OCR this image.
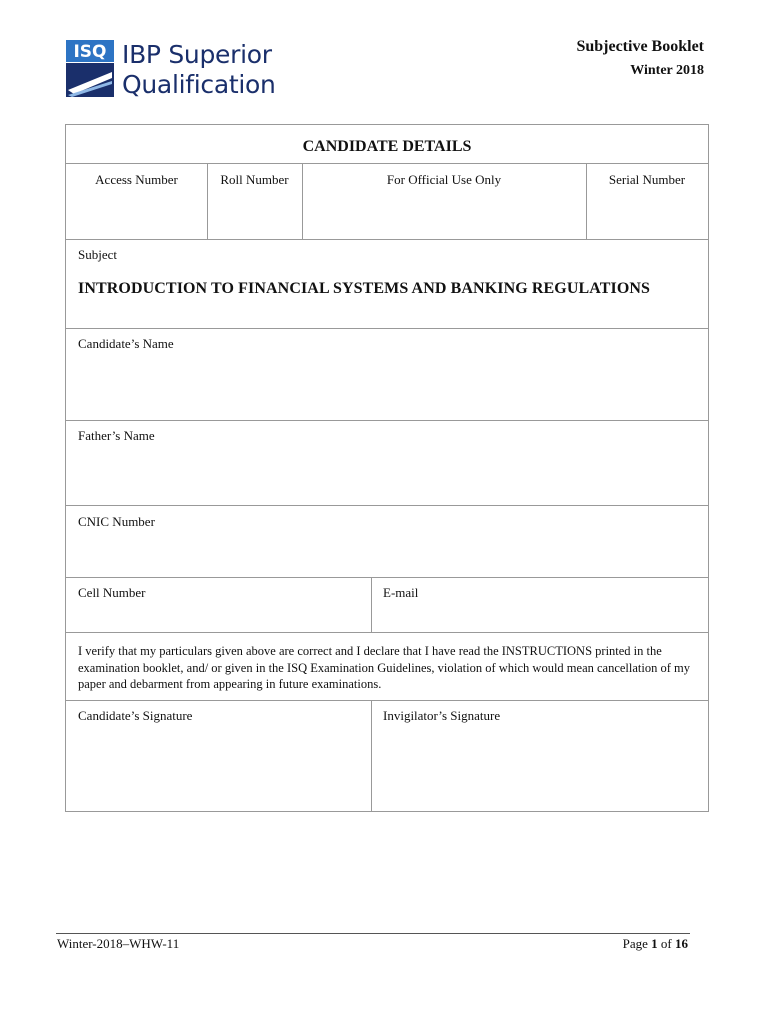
ISQ IBP Superior
Qualification
Subjective Booklet
Winter 2018
CANDIDATE DETAILS
Access Number	Roll Number	For Official Use Only	Serial Number
Subject
INTRODUCTION TO FINANCIAL SYSTEMS AND BANKING REGULATIONS
Candidate’s Name
Father’s Name
CNIC Number
Cell Number	E-mail
I verify that my particulars given above are correct and I declare that I have read the INSTRUCTIONS printed in the examination booklet, and/ or given in the ISQ Examination Guidelines, violation of which would mean cancellation of my paper and debarment from appearing in future examinations.
Candidate’s Signature	Invigilator’s Signature
Winter-2018–WHW-11	Page 1 of 16
